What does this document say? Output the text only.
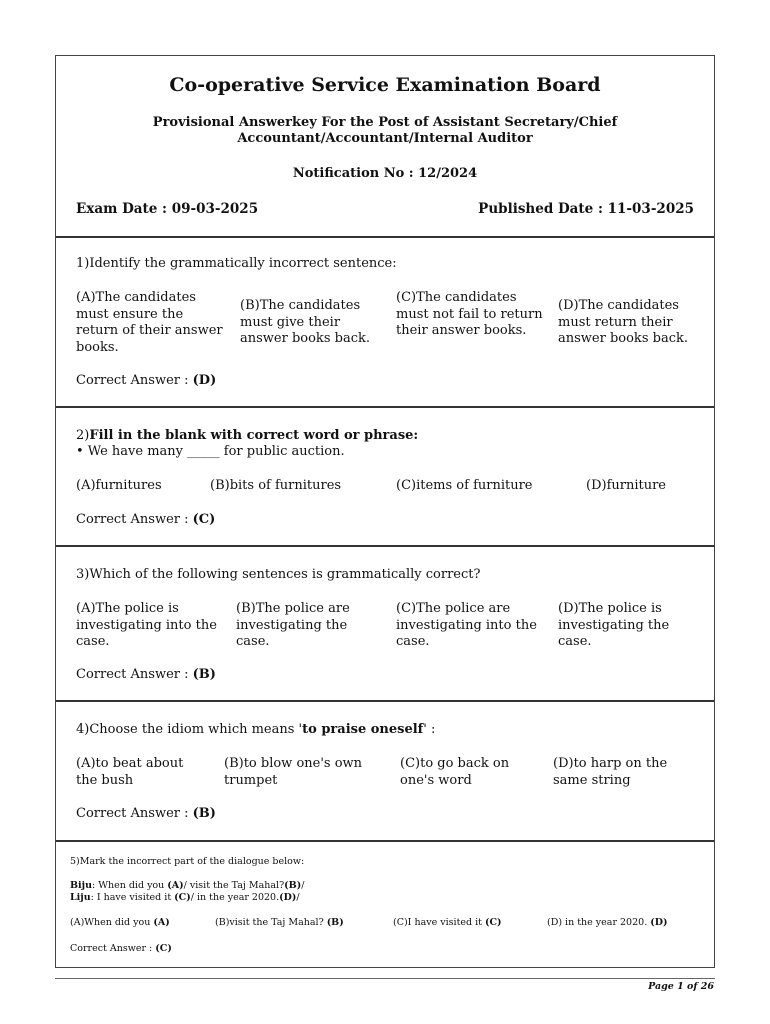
Co-operative Service Examination Board
Provisional Answerkey For the Post of Assistant Secretary/Chief Accountant/Accountant/Internal Auditor
Notification No : 12/2024
Exam Date : 09-03-2025	Published Date : 11-03-2025
1)Identify the grammatically incorrect sentence:
(A)The candidates must ensure the return of their answer books.
(B)The candidates must give their answer books back.
(C)The candidates must not fail to return their answer books.
(D)The candidates must return their answer books back.
Correct Answer : (D)
2)Fill in the blank with correct word or phrase:
• We have many _____ for public auction.
(A)furnitures	(B)bits of furnitures	(C)items of furniture	(D)furniture
Correct Answer : (C)
3)Which of the following sentences is grammatically correct?
(A)The police is investigating into the case.
(B)The police are investigating the case.
(C)The police are investigating into the case.
(D)The police is investigating the case.
Correct Answer : (B)
4)Choose the idiom which means 'to praise oneself' :
(A)to beat about the bush
(B)to blow one's own trumpet
(C)to go back on one's word
(D)to harp on the same string
Correct Answer : (B)
5)Mark the incorrect part of the dialogue below:
Biju: When did you (A)/ visit the Taj Mahal?(B)/
Liju: I have visited it (C)/ in the year 2020.(D)/
(A)When did you (A)	(B)visit the Taj Mahal? (B)	(C)I have visited it (C)	(D) in the year 2020. (D)
Correct Answer : (C)
Page 1 of 26
